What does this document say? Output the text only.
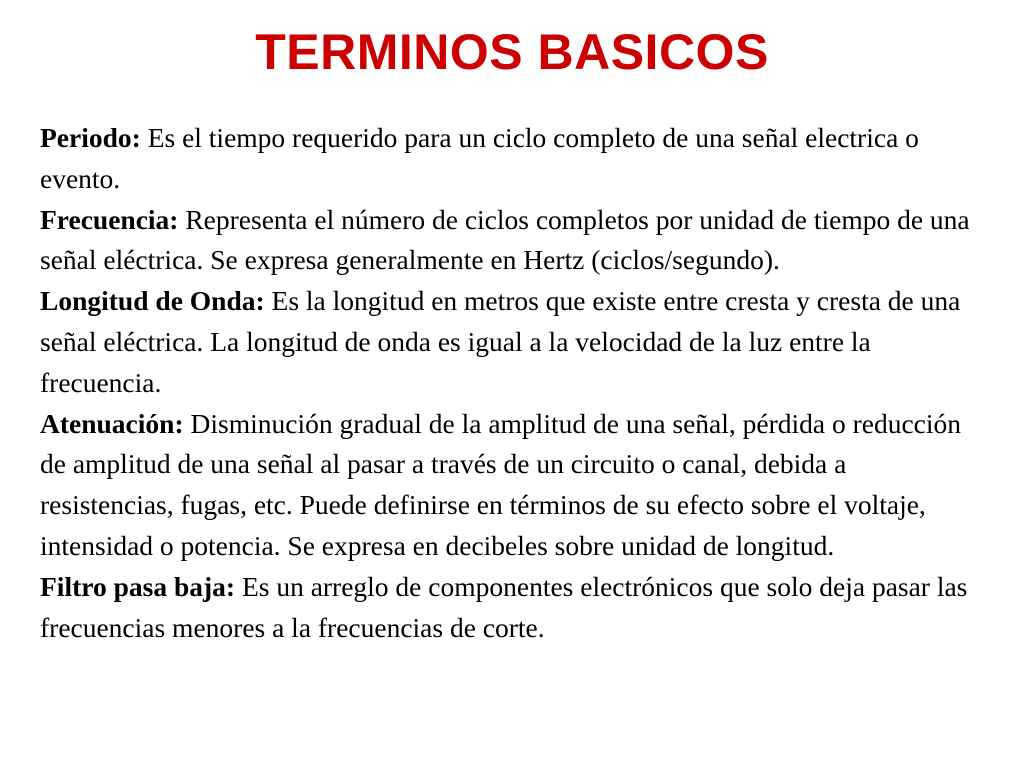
TERMINOS BASICOS

Periodo: Es el tiempo requerido para un ciclo completo de una señal electrica o evento.

Frecuencia: Representa el número de ciclos completos por unidad de tiempo de una señal eléctrica. Se expresa generalmente en Hertz (ciclos/segundo).

Longitud de Onda: Es la longitud en metros que existe entre cresta y cresta de una señal eléctrica. La longitud de onda es igual a la velocidad de la luz entre la frecuencia.

Atenuación: Disminución gradual de la amplitud de una señal, pérdida o reducción de amplitud de una señal al pasar a través de un circuito o canal, debida a resistencias, fugas, etc. Puede definirse en términos de su efecto sobre el voltaje, intensidad o potencia. Se expresa en decibeles sobre unidad de longitud.

Filtro pasa baja: Es un arreglo de componentes electrónicos que solo deja pasar las frecuencias menores a la frecuencias de corte.
